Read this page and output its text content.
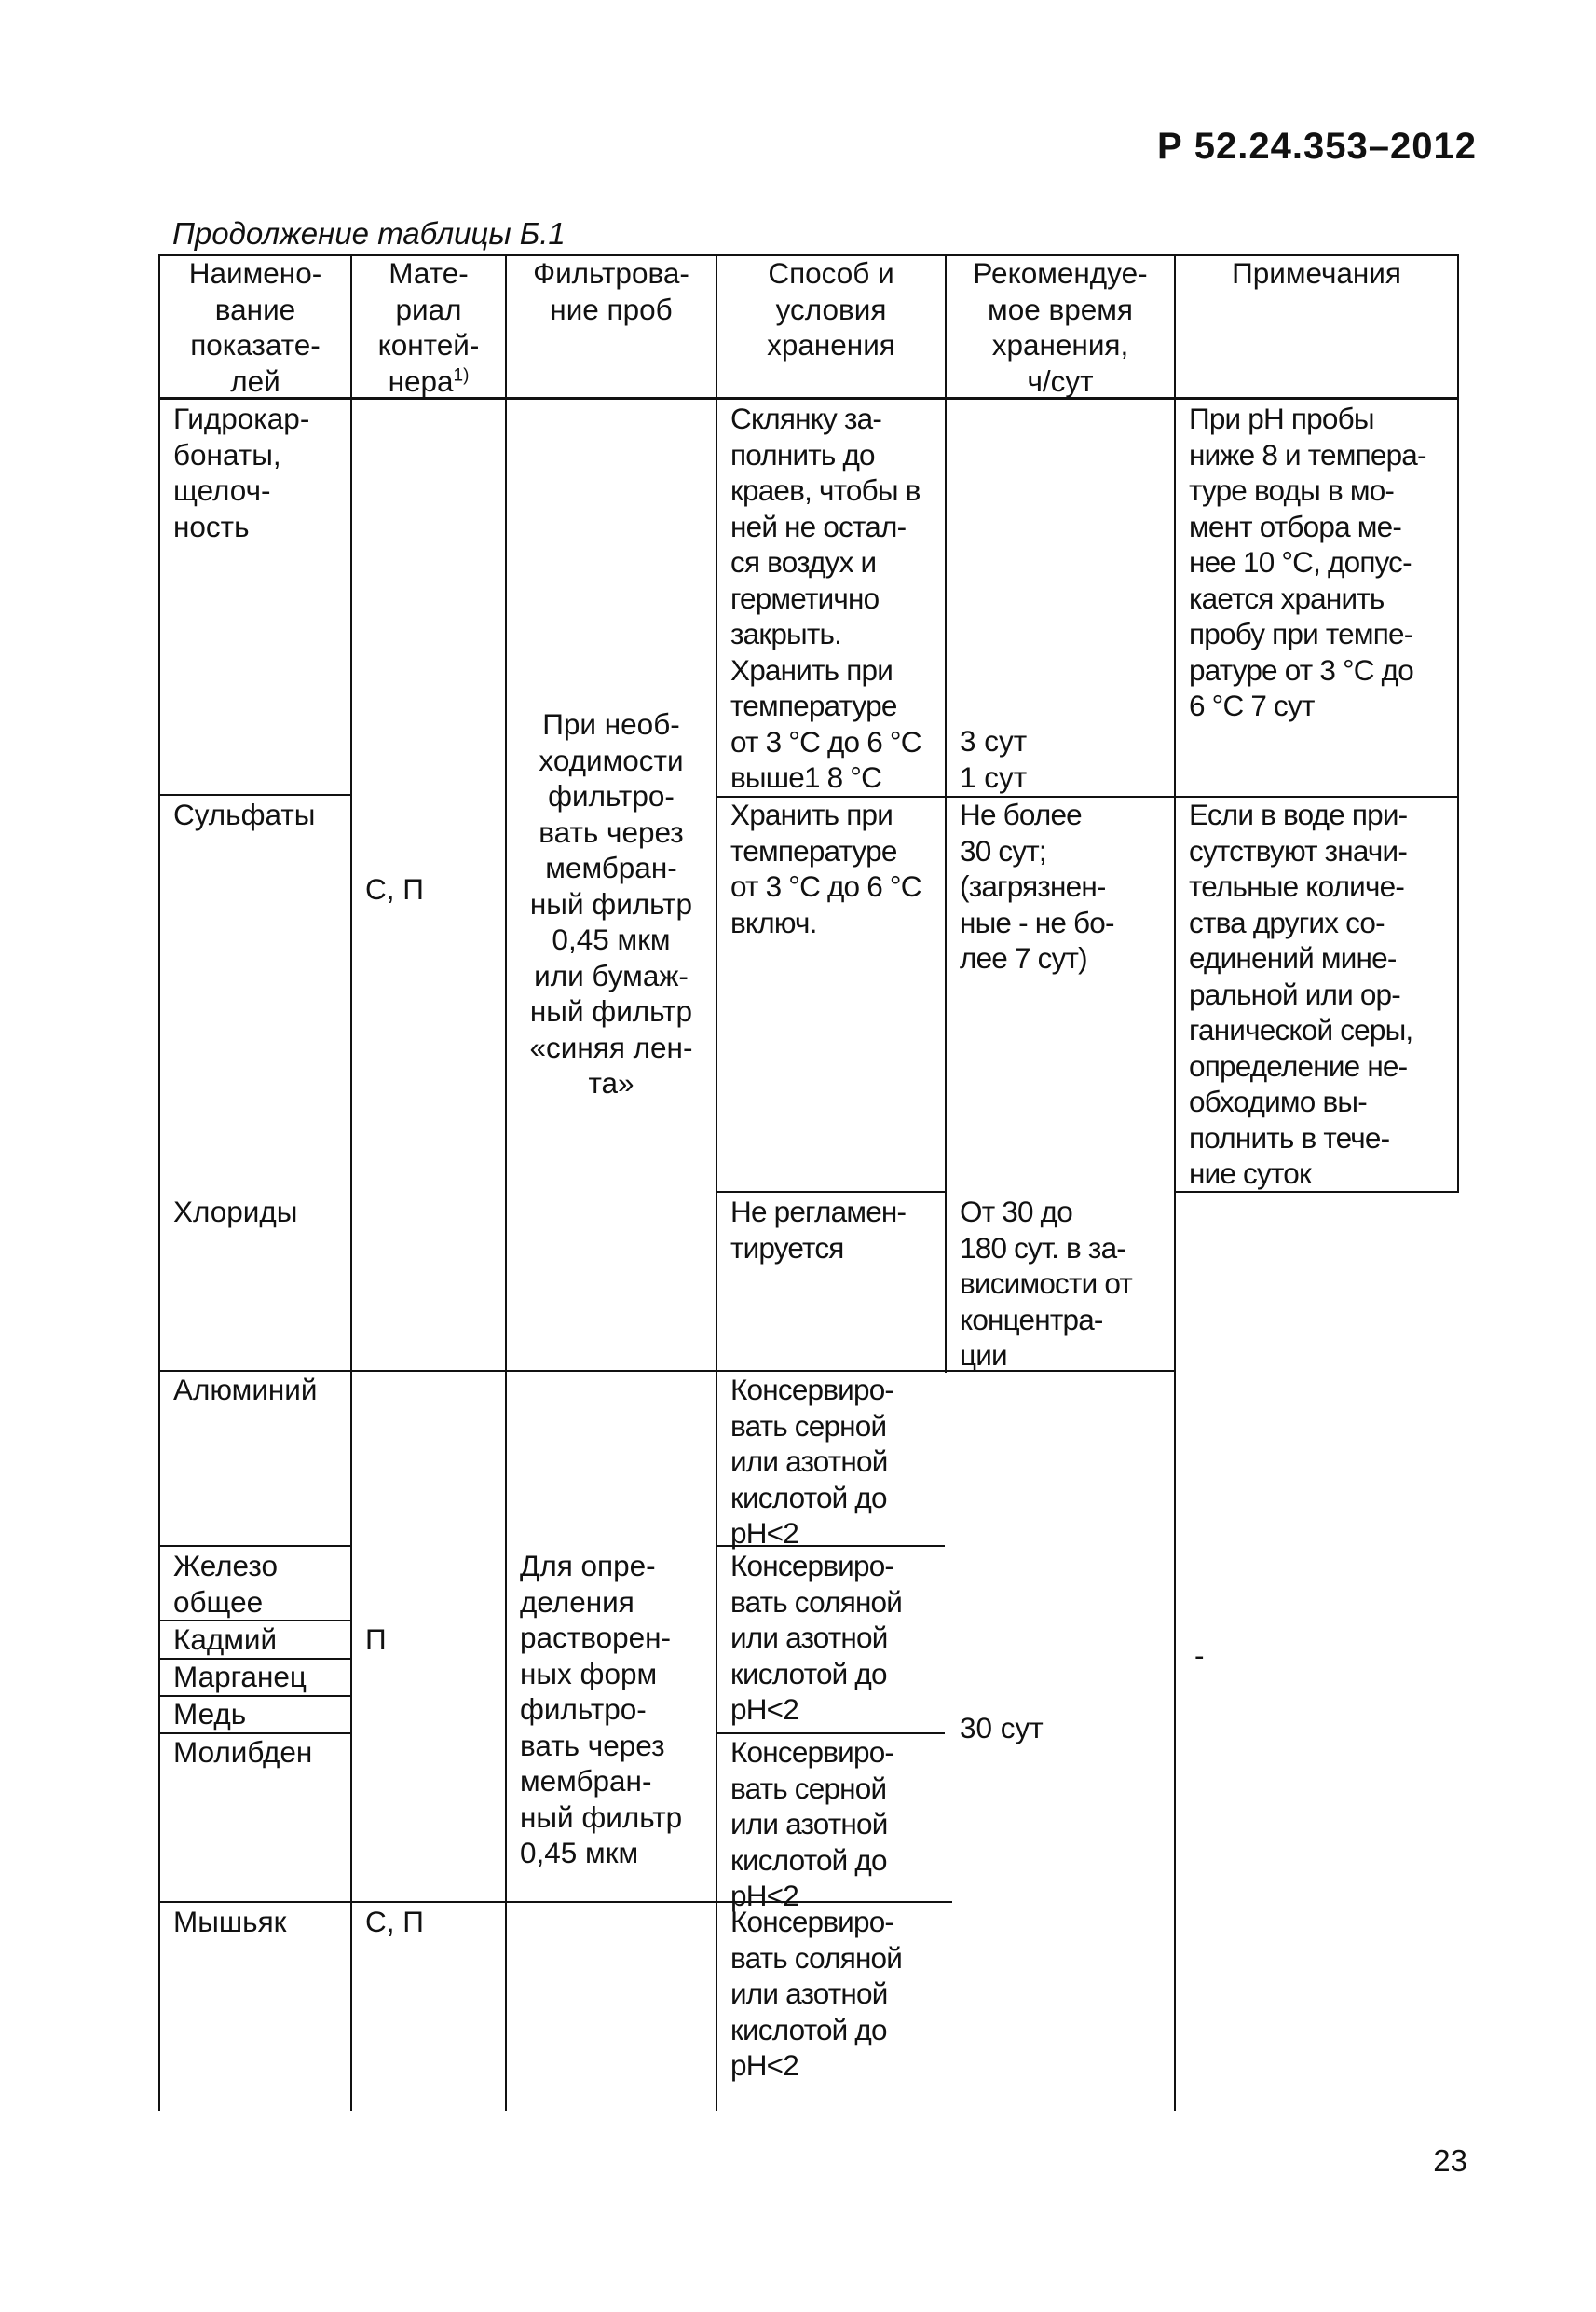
Р 52.24.353–2012
Продолжение таблицы Б.1
Наимено-
вание
показате-
лей
Мате-
риал
контей-
нера$^{1)}$
Фильтрова-
ние проб
Способ и
условия
хранения
Рекомендуе-
мое время
хранения,
ч/сут
Примечания
Гидрокар-
бонаты,
щелоч-
ность
Сульфаты
Хлориды
Алюминий
Железо
общее
Кадмий
Марганец
Медь
Молибден
Мышьяк
С, П
П
С, П
При необ-
ходимости
фильтро-
вать через
мембран-
ный фильтр
0,45 мкм
или бумаж-
ный фильтр
«синяя лен-
та»
Для опре-
деления
растворен-
ных форм
фильтро-
вать через
мембран-
ный фильтр
0,45 мкм
Склянку за-
полнить до
краев, чтобы в
ней не остал-
ся воздух и
герметично
закрыть.
Хранить при
температуре
от 3 °С до 6 °С
выше1 8 °С
Хранить при
температуре
от 3 °С до 6 °С
включ.
Не регламен-
тируется
Консервиро-
вать серной
или азотной
кислотой до
рН<2
Консервиро-
вать соляной
или азотной
кислотой до
рН<2
Консервиро-
вать серной
или азотной
кислотой до
рН<2
Консервиро-
вать соляной
или азотной
кислотой до
рН<2
3 сут
1 сут
Не более
30 сут;
(загрязнен-
ные - не бо-
лее 7 сут)
От 30 до
180 сут. в за-
висимости от
концентра-
ции
30 сут
При рН пробы
ниже 8 и темпера-
туре воды в мо-
мент отбора ме-
нее 10 °С, допус-
кается хранить
пробу при темпе-
ратуре от 3 °С до
6 °С 7 сут
Если в воде при-
сутствуют значи-
тельные количе-
ства других со-
единений мине-
ральной или ор-
ганической серы,
определение не-
обходимо вы-
полнить в тече-
ние суток
-
23
